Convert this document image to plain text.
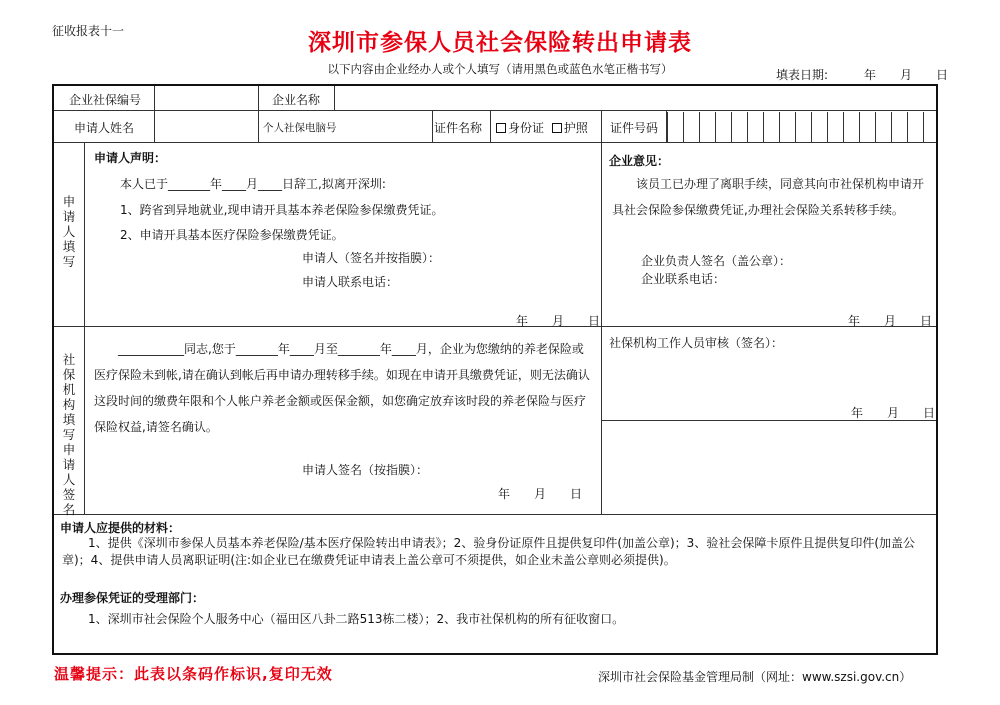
征收报表十一	深圳市参保人员社会保险转出申请表
以下内容由企业经办人或个人填写（请用黑色或蓝色水笔正楷书写）	填表日期:　　　年　　月　　日
企业社保编号	企业名称
申请人姓名	个人社保电脑号	证件名称	身份证 护照 证件号码
申请人填写
申请人声明：
本人已于_______年____月____日辞工,拟离开深圳:
1、跨省到异地就业,现申请开具基本养老保险参保缴费凭证。
2、申请开具基本医疗保险参保缴费凭证。
申请人（签名并按指膜）：
申请人联系电话：
年　　月　　日
企业意见：
该员工已办理了离职手续，同意其向市社保机构申请开具社会保险参保缴费凭证,办理社会保险关系转移手续。
企业负责人签名（盖公章）：
企业联系电话：
年　　月　　日
社保机构填写申请人签名
___________同志,您于_______年____月至_______年____月，企业为您缴纳的养老保险或医疗保险未到帐,请在确认到帐后再申请办理转移手续。如现在申请开具缴费凭证，则无法确认这段时间的缴费年限和个人帐户养老金额或医保金额，如您确定放弃该时段的养老保险与医疗保险权益,请签名确认。
申请人签名（按指膜）：
年　　月　　日
社保机构工作人员审核（签名）：
年　　月　　日
申请人应提供的材料：
1、提供《深圳市参保人员基本养老保险/基本医疗保险转出申请表》；2、验身份证原件且提供复印件(加盖公章)；3、验社会保障卡原件且提供复印件(加盖公章)；4、提供申请人员离职证明(注:如企业已在缴费凭证申请表上盖公章可不须提供，如企业未盖公章则必须提供)。
办理参保凭证的受理部门：
1、深圳市社会保险个人服务中心（福田区八卦二路513栋二楼）；2、我市社保机构的所有征收窗口。
温馨提示：此表以条码作标识,复印无效	深圳市社会保险基金管理局制（网址：www.szsi.gov.cn）
